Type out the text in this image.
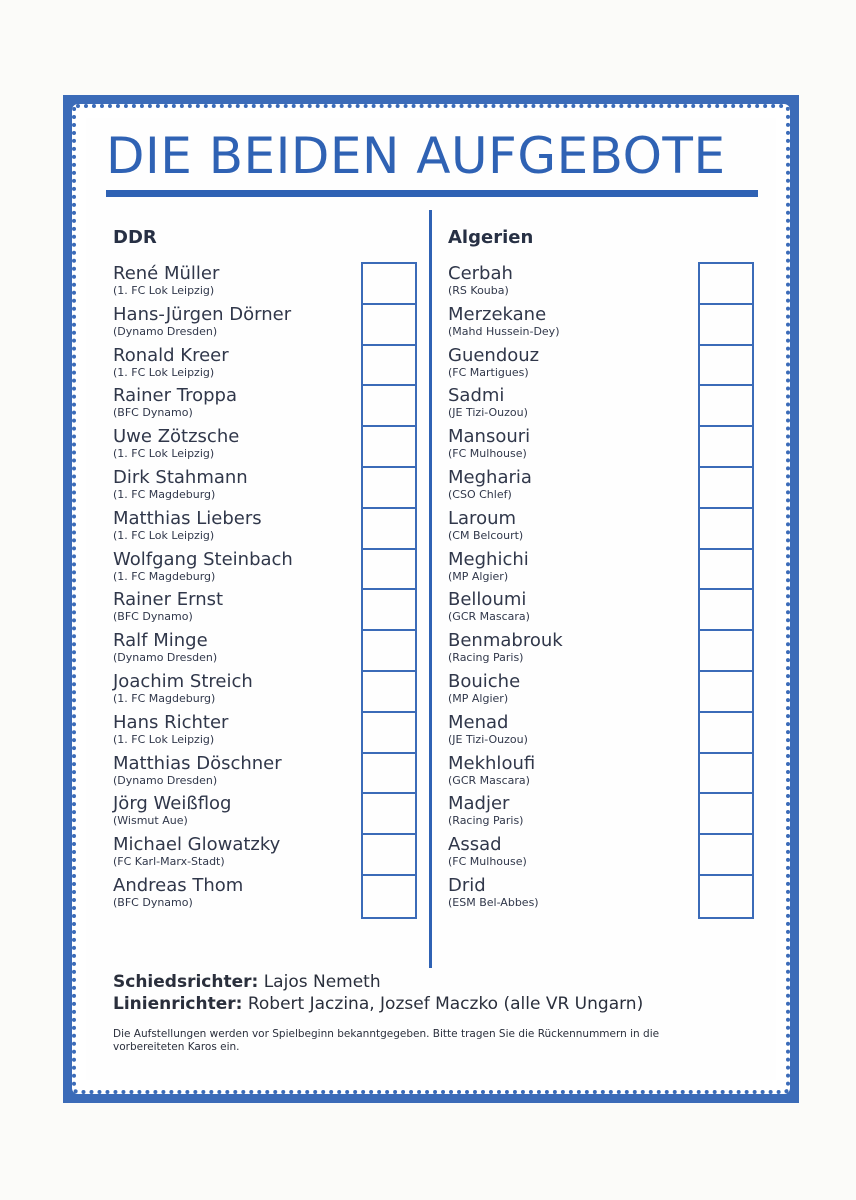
DIE BEIDEN AUFGEBOTE
DDR
René Müller
(1. FC Lok Leipzig)
Hans-Jürgen Dörner
(Dynamo Dresden)
Ronald Kreer
(1. FC Lok Leipzig)
Rainer Troppa
(BFC Dynamo)
Uwe Zötzsche
(1. FC Lok Leipzig)
Dirk Stahmann
(1. FC Magdeburg)
Matthias Liebers
(1. FC Lok Leipzig)
Wolfgang Steinbach
(1. FC Magdeburg)
Rainer Ernst
(BFC Dynamo)
Ralf Minge
(Dynamo Dresden)
Joachim Streich
(1. FC Magdeburg)
Hans Richter
(1. FC Lok Leipzig)
Matthias Döschner
(Dynamo Dresden)
Jörg Weißflog
(Wismut Aue)
Michael Glowatzky
(FC Karl-Marx-Stadt)
Andreas Thom
(BFC Dynamo)
Algerien
Cerbah
(RS Kouba)
Merzekane
(Mahd Hussein-Dey)
Guendouz
(FC Martigues)
Sadmi
(JE Tizi-Ouzou)
Mansouri
(FC Mulhouse)
Megharia
(CSO Chlef)
Laroum
(CM Belcourt)
Meghichi
(MP Algier)
Belloumi
(GCR Mascara)
Benmabrouk
(Racing Paris)
Bouiche
(MP Algier)
Menad
(JE Tizi-Ouzou)
Mekhloufi
(GCR Mascara)
Madjer
(Racing Paris)
Assad
(FC Mulhouse)
Drid
(ESM Bel-Abbes)
Schiedsrichter: Lajos Nemeth
Linienrichter: Robert Jaczina, Jozsef Maczko (alle VR Ungarn)
Die Aufstellungen werden vor Spielbeginn bekanntgegeben. Bitte tragen Sie die Rückennummern in die vorbereiteten Karos ein.
